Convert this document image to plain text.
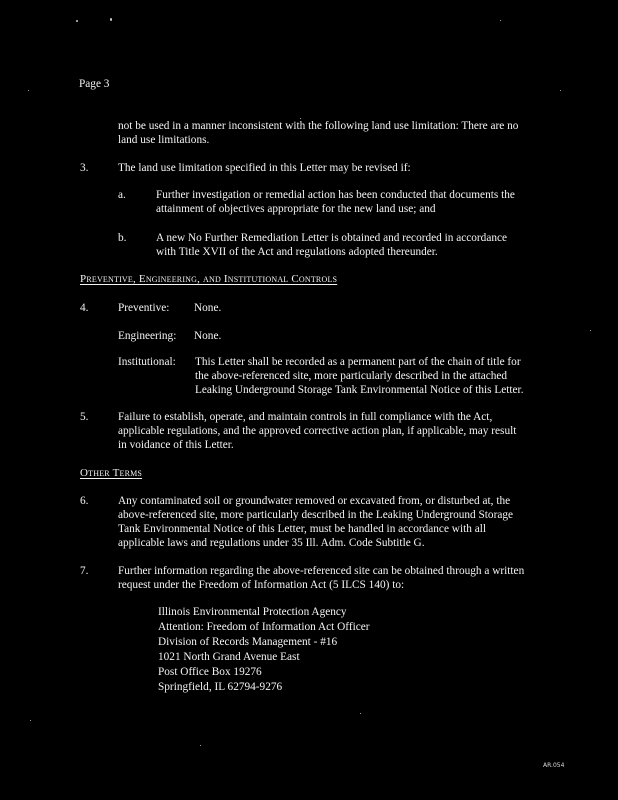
Page 3
not be used in a manner inconsistent with the following land use limitation: There are no
land use limitations.
3.	The land use limitation specified in this Letter may be revised if:
a.	Further investigation or remedial action has been conducted that documents the
attainment of objectives appropriate for the new land use; and
b.	A new No Further Remediation Letter is obtained and recorded in accordance
with Title XVII of the Act and regulations adopted thereunder.
Preventive, Engineering, and Institutional Controls
4.	Preventive: None.
Engineering: None.
Institutional: This Letter shall be recorded as a permanent part of the chain of title for
the above-referenced site, more particularly described in the attached
Leaking Underground Storage Tank Environmental Notice of this Letter.
5.	Failure to establish, operate, and maintain controls in full compliance with the Act,
applicable regulations, and the approved corrective action plan, if applicable, may result
in voidance of this Letter.
Other Terms
6.	Any contaminated soil or groundwater removed or excavated from, or disturbed at, the
above-referenced site, more particularly described in the Leaking Underground Storage
Tank Environmental Notice of this Letter, must be handled in accordance with all
applicable laws and regulations under 35 Ill. Adm. Code Subtitle G.
7.	Further information regarding the above-referenced site can be obtained through a written
request under the Freedom of Information Act (5 ILCS 140) to:
Illinois Environmental Protection Agency
Attention: Freedom of Information Act Officer
Division of Records Management - #16
1021 North Grand Avenue East
Post Office Box 19276
Springfield, IL 62794-9276
AR.054
